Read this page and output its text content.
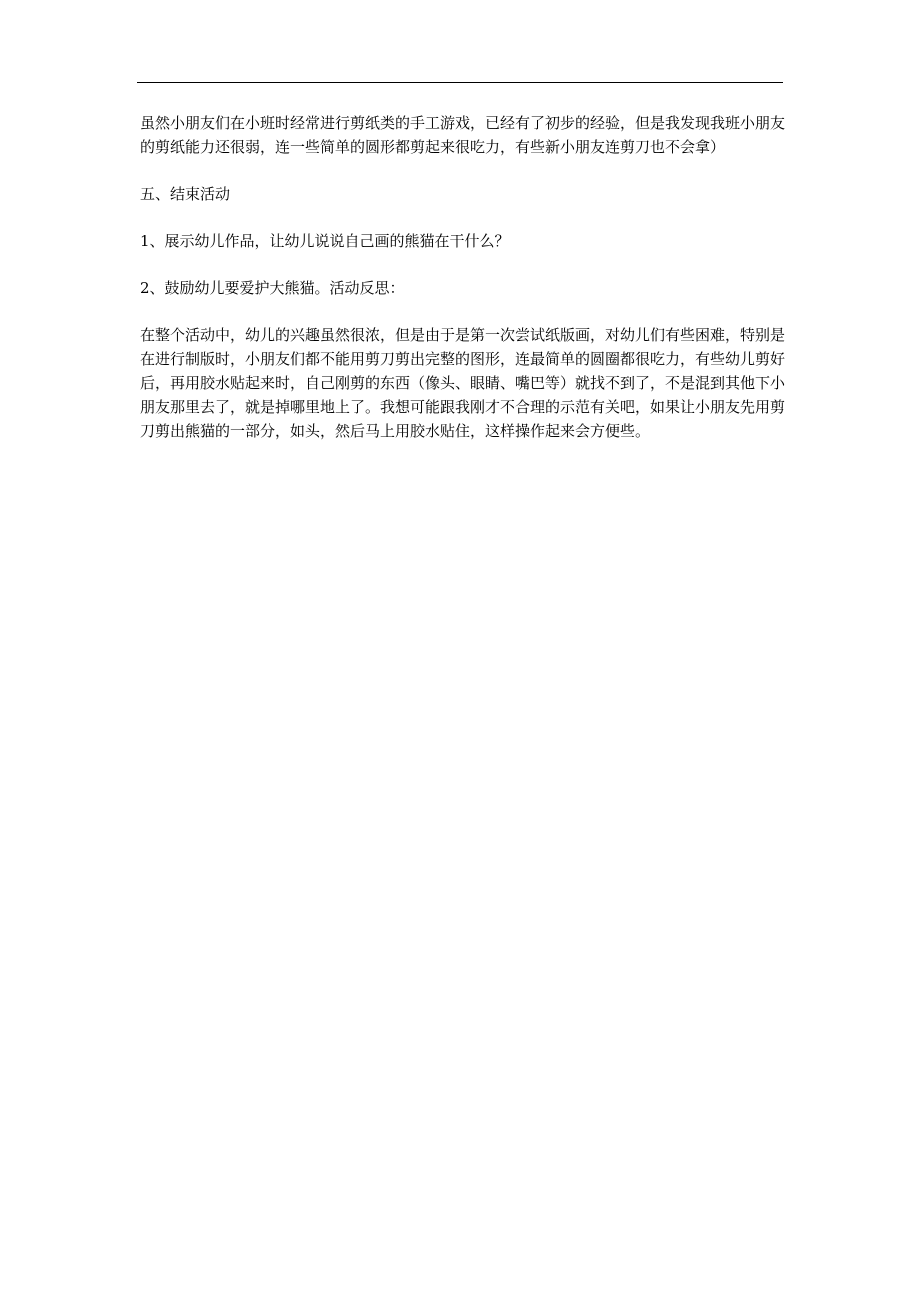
虽然小朋友们在小班时经常进行剪纸类的手工游戏，已经有了初步的经验，但是我发现我班小朋友的剪纸能力还很弱，连一些简单的圆形都剪起来很吃力，有些新小朋友连剪刀也不会拿）

五、结束活动

1、展示幼儿作品，让幼儿说说自己画的熊猫在干什么？

2、鼓励幼儿要爱护大熊猫。活动反思：

在整个活动中，幼儿的兴趣虽然很浓，但是由于是第一次尝试纸版画，对幼儿们有些困难，特别是在进行制版时，小朋友们都不能用剪刀剪出完整的图形，连最简单的圆圈都很吃力，有些幼儿剪好后，再用胶水贴起来时，自己刚剪的东西（像头、眼睛、嘴巴等）就找不到了，不是混到其他下小朋友那里去了，就是掉哪里地上了。我想可能跟我刚才不合理的示范有关吧，如果让小朋友先用剪刀剪出熊猫的一部分，如头，然后马上用胶水贴住，这样操作起来会方便些。
